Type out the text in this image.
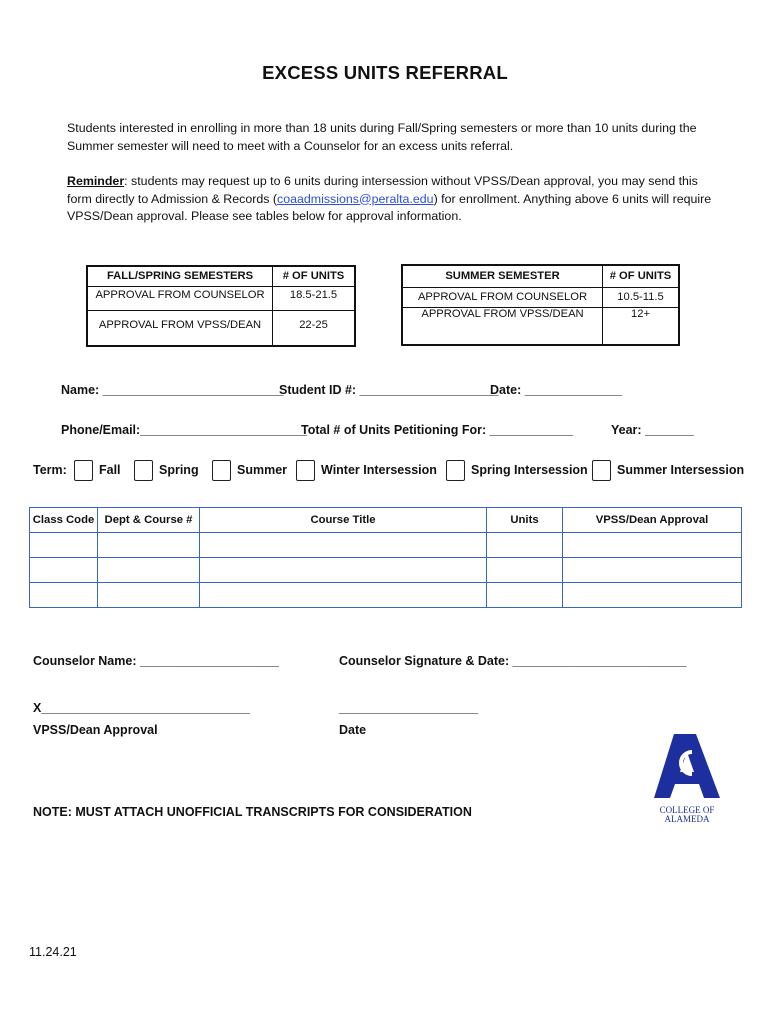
EXCESS UNITS REFERRAL
Students interested in enrolling in more than 18 units during Fall/Spring semesters or more than 10 units during the Summer semester will need to meet with a Counselor for an excess units referral.
Reminder: students may request up to 6 units during intersession without VPSS/Dean approval, you may send this form directly to Admission & Records (coaadmissions@peralta.edu) for enrollment. Anything above 6 units will require VPSS/Dean approval. Please see tables below for approval information.
FALL/SPRING SEMESTERS	# OF UNITS
APPROVAL FROM COUNSELOR	18.5-21.5
APPROVAL FROM VPSS/DEAN	22-25
SUMMER SEMESTER	# OF UNITS
APPROVAL FROM COUNSELOR	10.5-11.5
APPROVAL FROM VPSS/DEAN	12+
Name: __________________________
Student ID #: ____________________
Date: ______________
Phone/Email:________________________
Total # of Units Petitioning For: ____________	Year: _______
Term:	Fall	Spring	Summer	Winter Intersession	Spring Intersession Summer Intersession
Class Code	Dept & Course #	Course Title	Units	VPSS/Dean Approval

Counselor Name: ____________________	Counselor Signature & Date: _________________________
X______________________________
VPSS/Dean Approval
____________________
Date
COLLEGE OF
ALAMEDA
NOTE: MUST ATTACH UNOFFICIAL TRANSCRIPTS FOR CONSIDERATION
11.24.21
